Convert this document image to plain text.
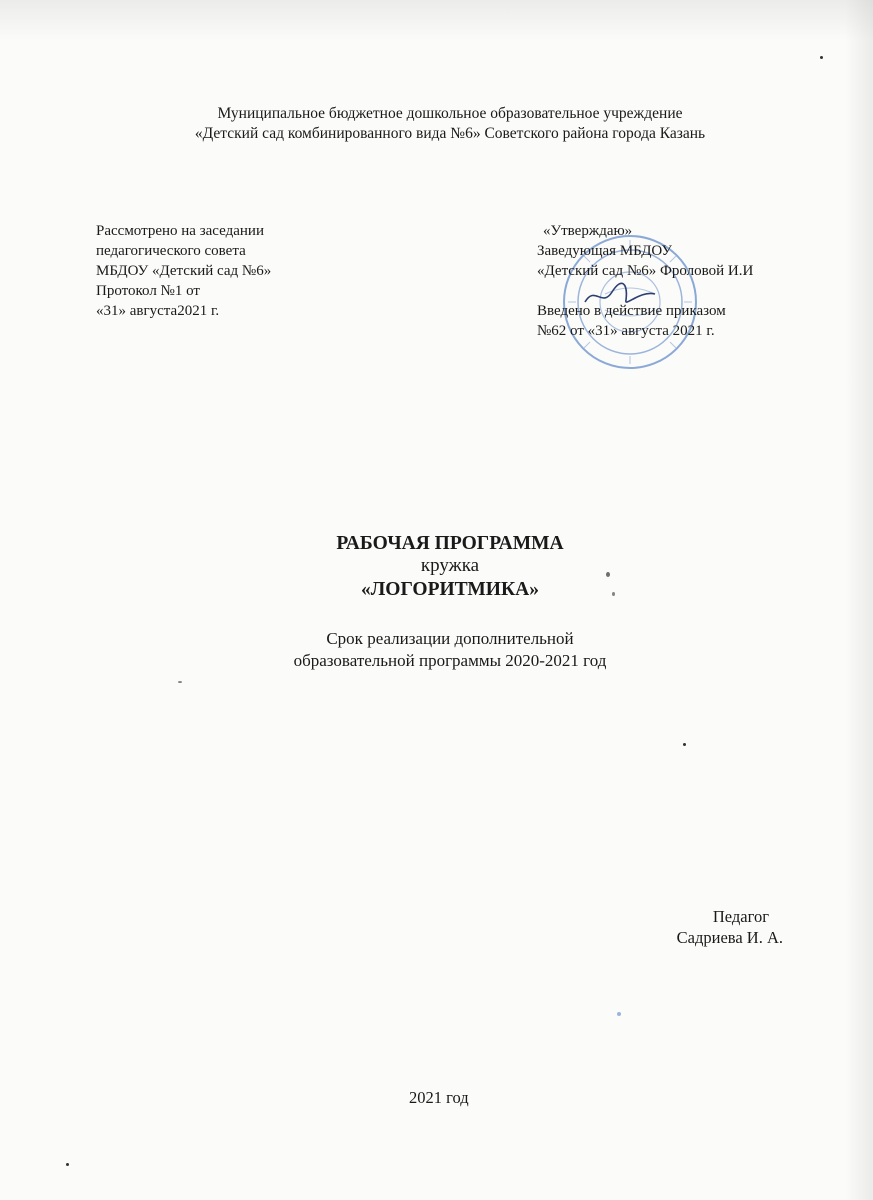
Муниципальное бюджетное дошкольное образовательное учреждение
«Детский сад комбинированного вида №6» Советского района города Казань
Рассмотрено на заседании
педагогического совета
МБДОУ «Детский сад №6»
Протокол №1 от
«31» августа2021 г.
«Утверждаю»
Заведующая МБДОУ
«Детский сад №6» Фроловой И.И
Введено в действие приказом
№62 от «31» августа 2021 г.
РАБОЧАЯ ПРОГРАММА
кружка
«ЛОГОРИТМИКА»
Срок реализации дополнительной
образовательной программы 2020-2021 год
Педагог
Садриева И. А.
2021 год
